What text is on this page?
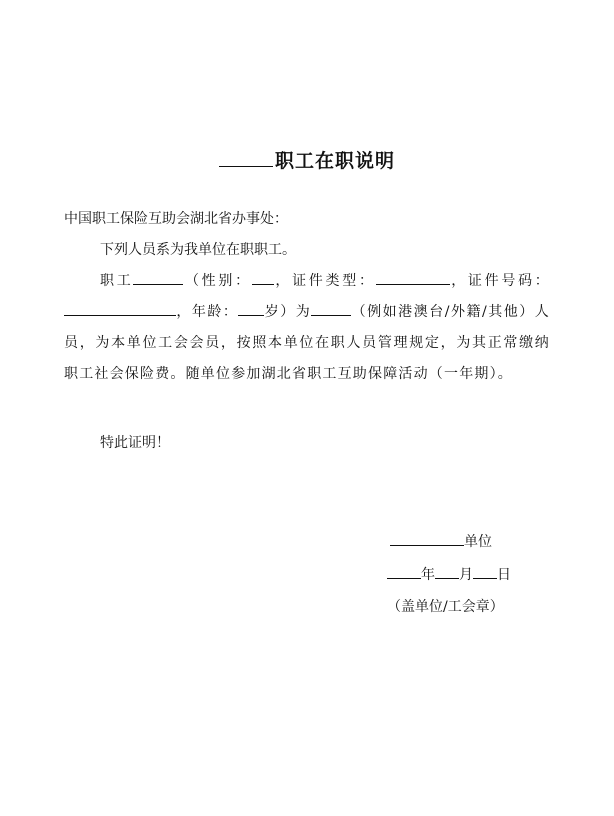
职工在职说明
中国职工保险互助会湖北省办事处：
下列人员系为我单位在职职工。
职工	（性别： ，证件类型：	，证件号码：，年龄： 岁）为	（例如港澳台/外籍/其他）人员，为本单位工会会员，按照本单位在职人员管理规定，为其正常缴纳职工社会保险费。随单位参加湖北省职工互助保障活动（一年期）。
特此证明！
单位
年 月 日
（盖单位/工会章）
